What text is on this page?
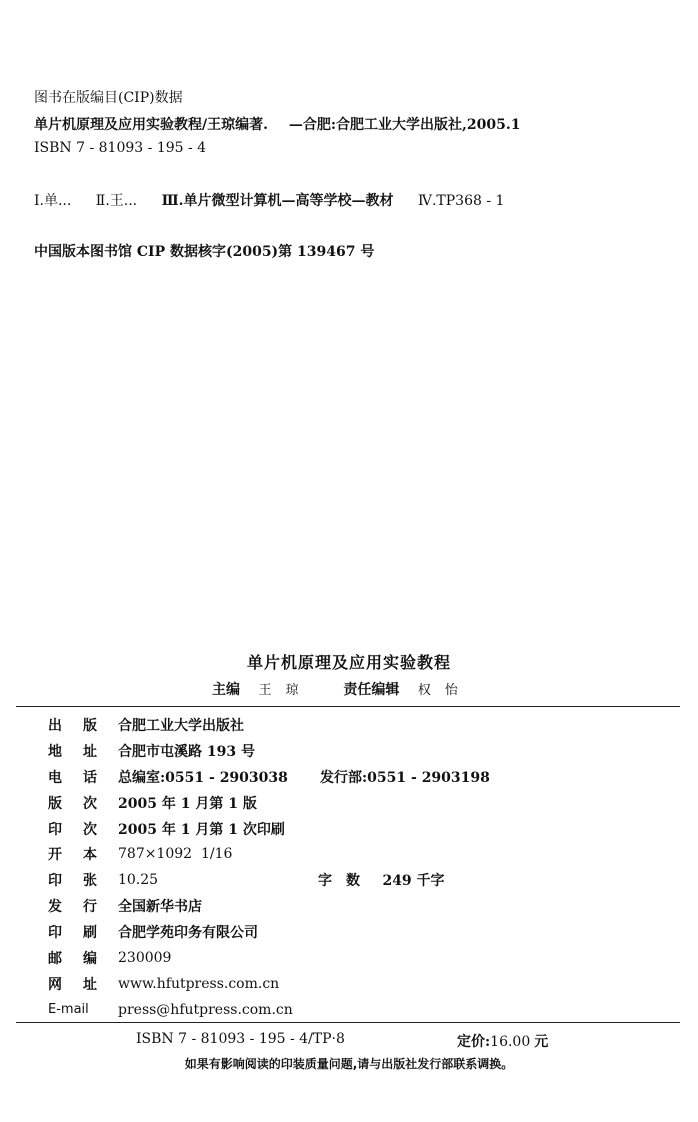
图书在版编目(CIP)数据
单片机原理及应用实验教程/王琼编著. —合肥:合肥工业大学出版社,2005.1
ISBN 7 - 81093 - 195 - 4
Ⅰ.单... Ⅱ.王... Ⅲ.单片微型计算机—高等学校—教材 Ⅳ.TP368 - 1
中国版本图书馆 CIP 数据核字(2005)第 139467 号
单片机原理及应用实验教程
主编 王琼 责任编辑 权怡
出	版	合肥工业大学出版社
地	址	合肥市屯溪路 193 号
电	话	总编室:0551 - 2903038 发行部:0551 - 2903198
版	次	2005 年 1 月第 1 版
印	次	2005 年 1 月第 1 次印刷
开	本	787×1092  1/16
印	张	10.25	字数 249 千字
发	行	全国新华书店
印	刷	合肥学苑印务有限公司
邮	编	230009
网	址	www.hfutpress.com.cn
E-mail	press@hfutpress.com.cn
ISBN 7 - 81093 - 195 - 4/TP·8	定价:16.00 元
如果有影响阅读的印装质量问题,请与出版社发行部联系调换。
